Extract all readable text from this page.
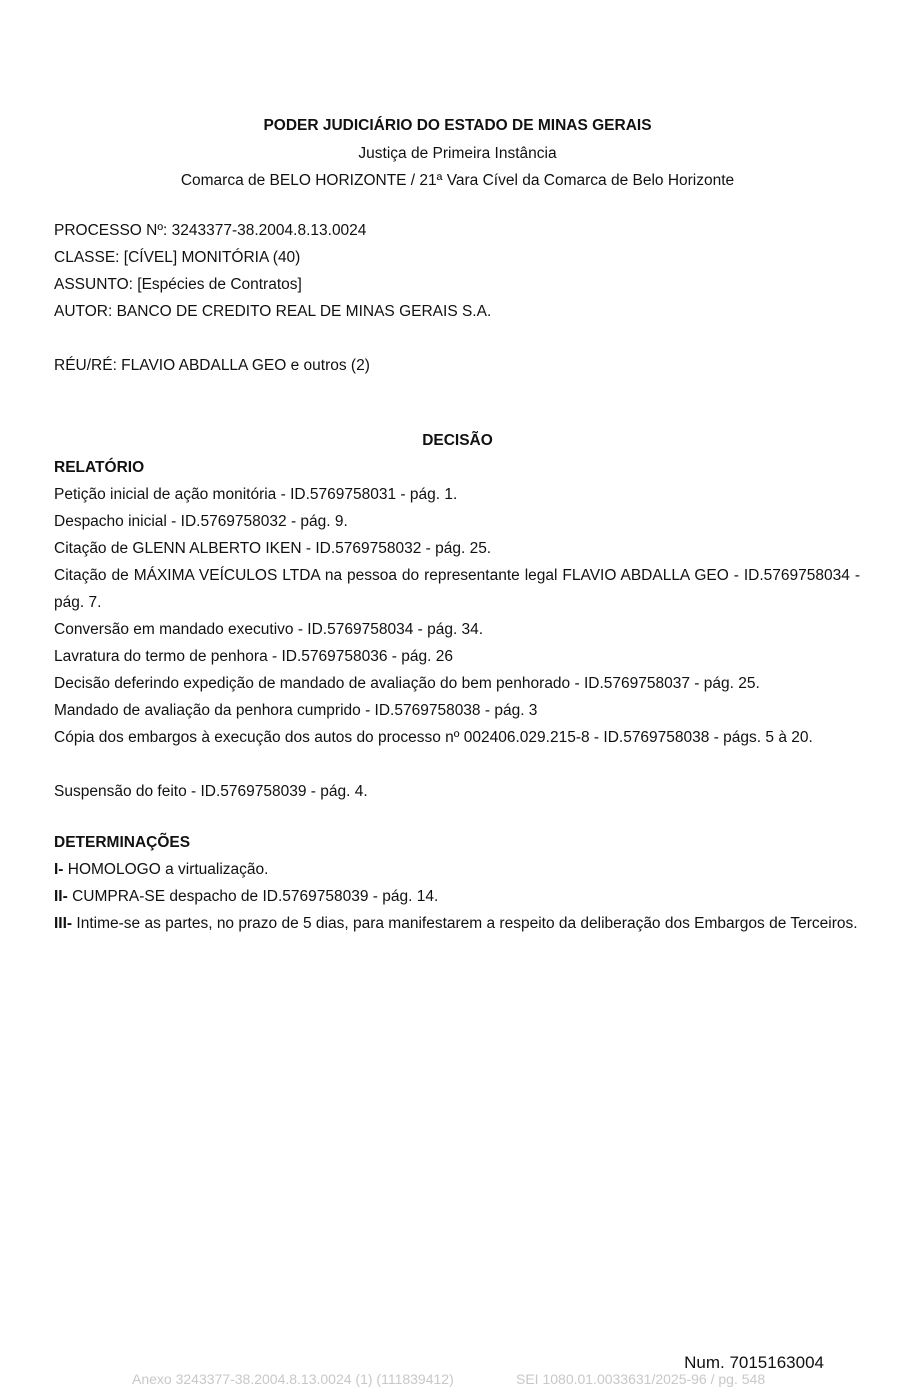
PODER JUDICIÁRIO DO ESTADO DE MINAS GERAIS
Justiça de Primeira Instância
Comarca de BELO HORIZONTE / 21ª Vara Cível da Comarca de Belo Horizonte
PROCESSO Nº: 3243377-38.2004.8.13.0024
CLASSE: [CÍVEL] MONITÓRIA (40)
ASSUNTO: [Espécies de Contratos]
AUTOR: BANCO DE CREDITO REAL DE MINAS GERAIS S.A.
RÉU/RÉ: FLAVIO ABDALLA GEO e outros (2)
DECISÃO
RELATÓRIO
Petição inicial de ação monitória - ID.5769758031 - pág. 1.
Despacho inicial - ID.5769758032 - pág. 9.
Citação de GLENN ALBERTO IKEN - ID.5769758032 - pág. 25.
Citação de MÁXIMA VEÍCULOS LTDA na pessoa do representante legal FLAVIO ABDALLA GEO - ID.5769758034 - pág. 7.
Conversão em mandado executivo - ID.5769758034 - pág. 34.
Lavratura do termo de penhora - ID.5769758036 - pág. 26
Decisão deferindo expedição de mandado de avaliação do bem penhorado - ID.5769758037 - pág. 25.
Mandado de avaliação da penhora cumprido - ID.5769758038 - pág. 3
Cópia dos embargos à execução dos autos do processo nº 002406.029.215-8 - ID.5769758038 - págs. 5 à 20.
Suspensão do feito - ID.5769758039 - pág. 4.
DETERMINAÇÕES
I- HOMOLOGO a virtualização.
II- CUMPRA-SE despacho de ID.5769758039 - pág. 14.
III- Intime-se as partes, no prazo de 5 dias, para manifestarem a respeito da deliberação dos Embargos de Terceiros.
Num. 7015163004
Anexo 3243377-38.2004.8.13.0024 (1) (111839412)	SEI 1080.01.0033631/2025-96 / pg. 548
